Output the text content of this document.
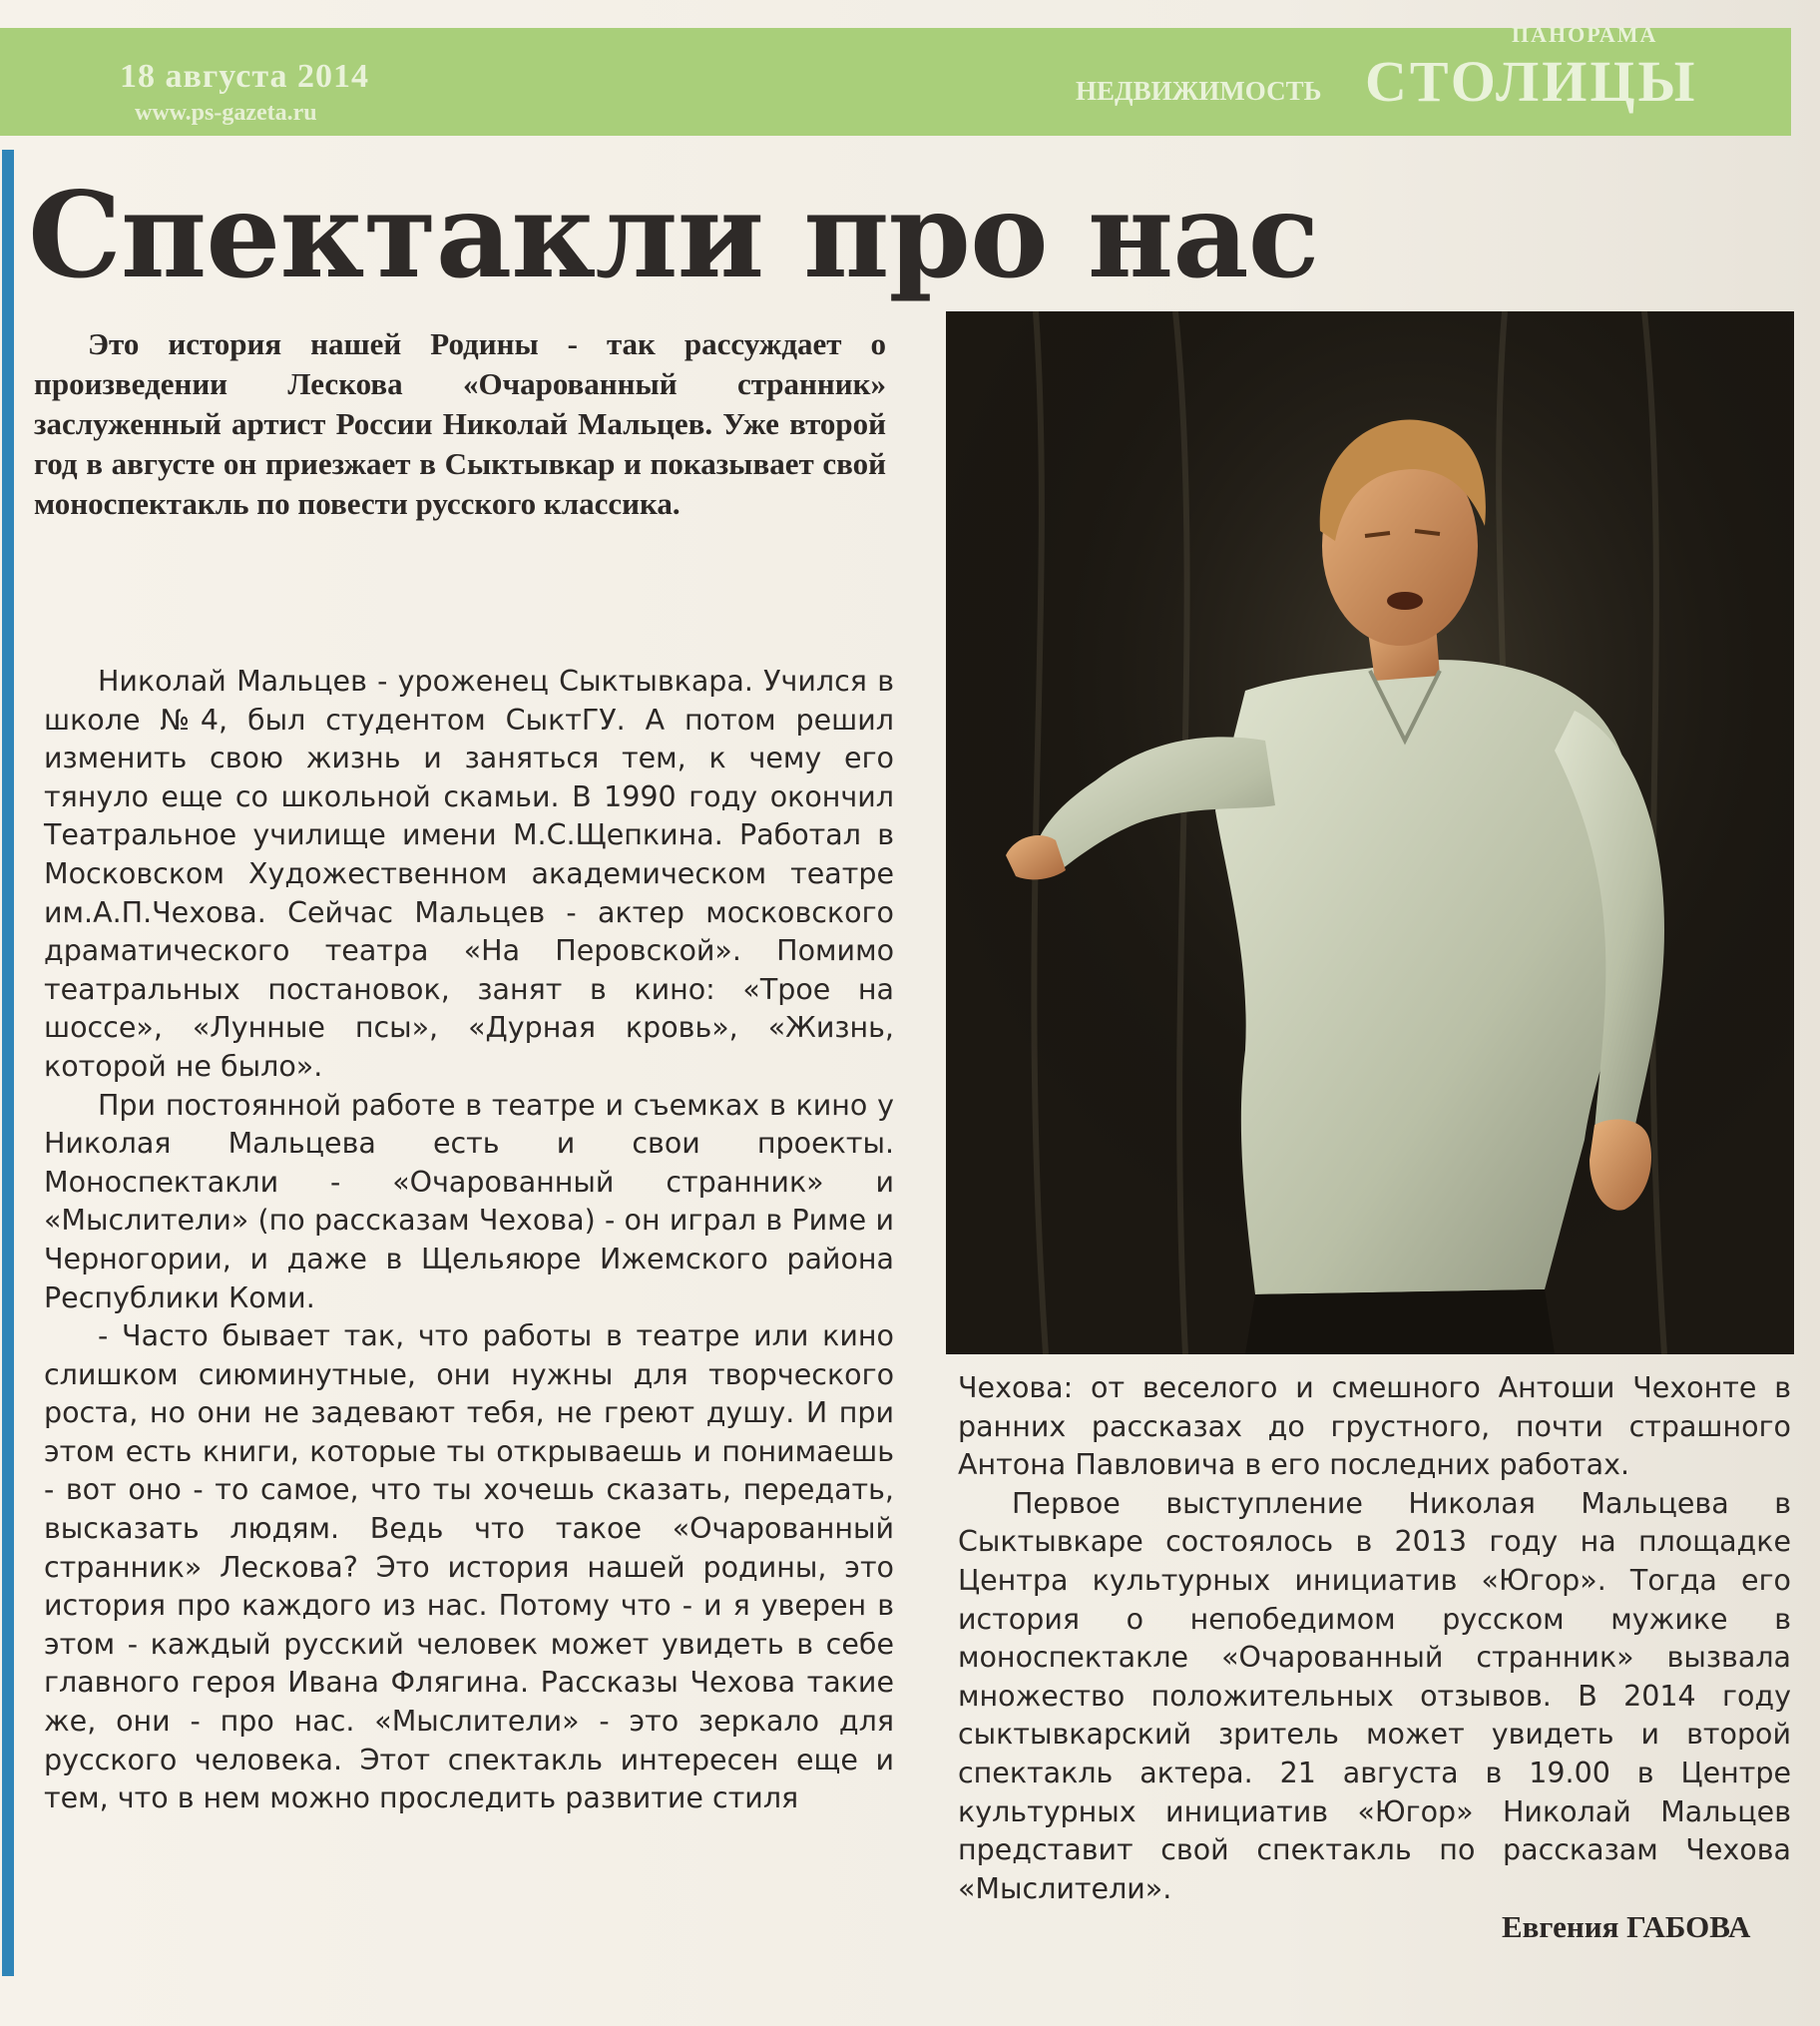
18 августа 2014
www.ps-gazeta.ru
ПАНОРАМА
НЕДВИЖИМОСТЬ СТОЛИЦЫ
Спектакли про нас

Это история нашей Родины - так рассуждает о произведении Лескова «Очарованный странник» заслуженный артист России Николай Мальцев. Уже второй год в августе он приезжает в Сыктывкар и показывает свой моноспектакль по повести русского классика.

Николай Мальцев - уроженец Сыктывкара. Учился в школе №4, был студентом СыктГУ. А потом решил изменить свою жизнь и заняться тем, к чему его тянуло еще со школьной скамьи. В 1990 году окончил Театральное училище имени М.С.Щепкина. Работал в Московском Художественном академическом театре им.А.П.Чехова. Сейчас Мальцев - актер московского драматического театра «На Перовской». Помимо театральных постановок, занят в кино: «Трое на шоссе», «Лунные псы», «Дурная кровь», «Жизнь, которой не было».

При постоянной работе в театре и съемках в кино у Николая Мальцева есть и свои проекты. Моноспектакли - «Очарованный странник» и «Мыслители» (по рассказам Чехова) - он играл в Риме и Черногории, и даже в Щельяюре Ижемского района Республики Коми.

- Часто бывает так, что работы в театре или кино слишком сиюминутные, они нужны для творческого роста, но они не задевают тебя, не греют душу. И при этом есть книги, которые ты открываешь и понимаешь - вот оно - то самое, что ты хочешь сказать, передать, высказать людям. Ведь что такое «Очарованный странник» Лескова? Это история нашей родины, это история про каждого из нас. Потому что - и я уверен в этом - каждый русский человек может увидеть в себе главного героя Ивана Флягина. Рассказы Чехова такие же, они - про нас. «Мыслители» - это зеркало для русского человека. Этот спектакль интересен еще и тем, что в нем можно проследить развитие стиля

Чехова: от веселого и смешного Антоши Чехонте в ранних рассказах до грустного, почти страшного Антона Павловича в его последних работах.

Первое выступление Николая Мальцева в Сыктывкаре состоялось в 2013 году на площадке Центра культурных инициатив «Югор». Тогда его история о непобедимом русском мужике в моноспектакле «Очарованный странник» вызвала множество положительных отзывов. В 2014 году сыктывкарский зритель может увидеть и второй спектакль актера. 21 августа в 19.00 в Центре культурных инициатив «Югор» Николай Мальцев представит свой спектакль по рассказам Чехова «Мыслители».

Евгения ГАБОВА
